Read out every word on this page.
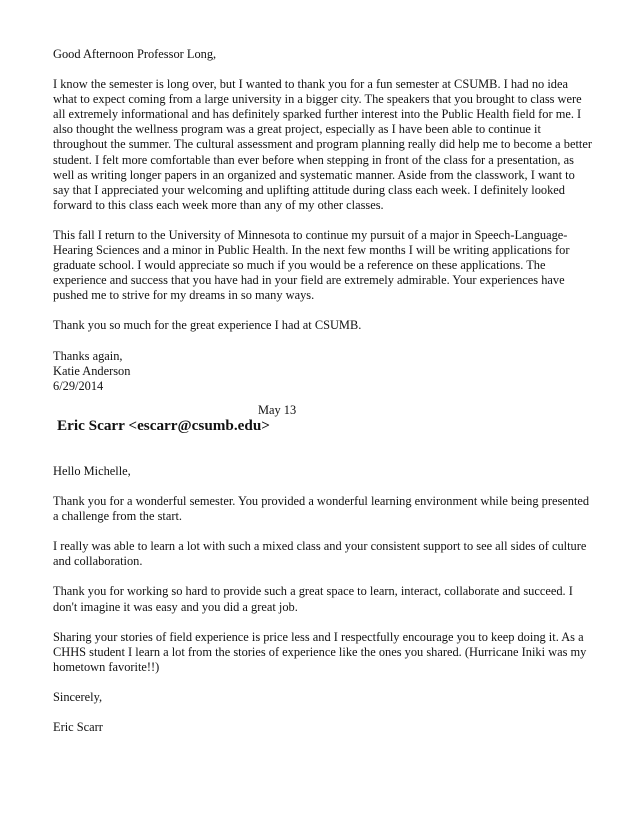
Good Afternoon Professor Long,

I know the semester is long over, but I wanted to thank you for a fun semester at CSUMB. I had no idea what to expect coming from a large university in a bigger city. The speakers that you brought to class were all extremely informational and has definitely sparked further interest into the Public Health field for me. I also thought the wellness program was a great project, especially as I have been able to continue it throughout the summer. The cultural assessment and program planning really did help me to become a better student. I felt more comfortable than ever before when stepping in front of the class for a presentation, as well as writing longer papers in an organized and systematic manner. Aside from the classwork, I want to say that I appreciated your welcoming and uplifting attitude during class each week. I definitely looked forward to this class each week more than any of my other classes.

This fall I return to the University of Minnesota to continue my pursuit of a major in Speech-Language-Hearing Sciences and a minor in Public Health. In the next few months I will be writing applications for graduate school. I would appreciate so much if you would be a reference on these applications. The experience and success that you have had in your field are extremely admirable. Your experiences have pushed me to strive for my dreams in so many ways.

Thank you so much for the great experience I had at CSUMB.

Thanks again,
Katie Anderson
6/29/2014
May 13
Eric Scarr <escarr@csumb.edu>

Hello Michelle,

Thank you for a wonderful semester. You provided a wonderful learning environment while being presented a challenge from the start.

I really was able to learn a lot with such a mixed class and your consistent support to see all sides of culture and collaboration.

Thank you for working so hard to provide such a great space to learn, interact, collaborate and succeed. I don't imagine it was easy and you did a great job.

Sharing your stories of field experience is price less and I respectfully encourage you to keep doing it. As a CHHS student I learn a lot from the stories of experience like the ones you shared. (Hurricane Iniki was my hometown favorite!!)

Sincerely,

Eric Scarr
